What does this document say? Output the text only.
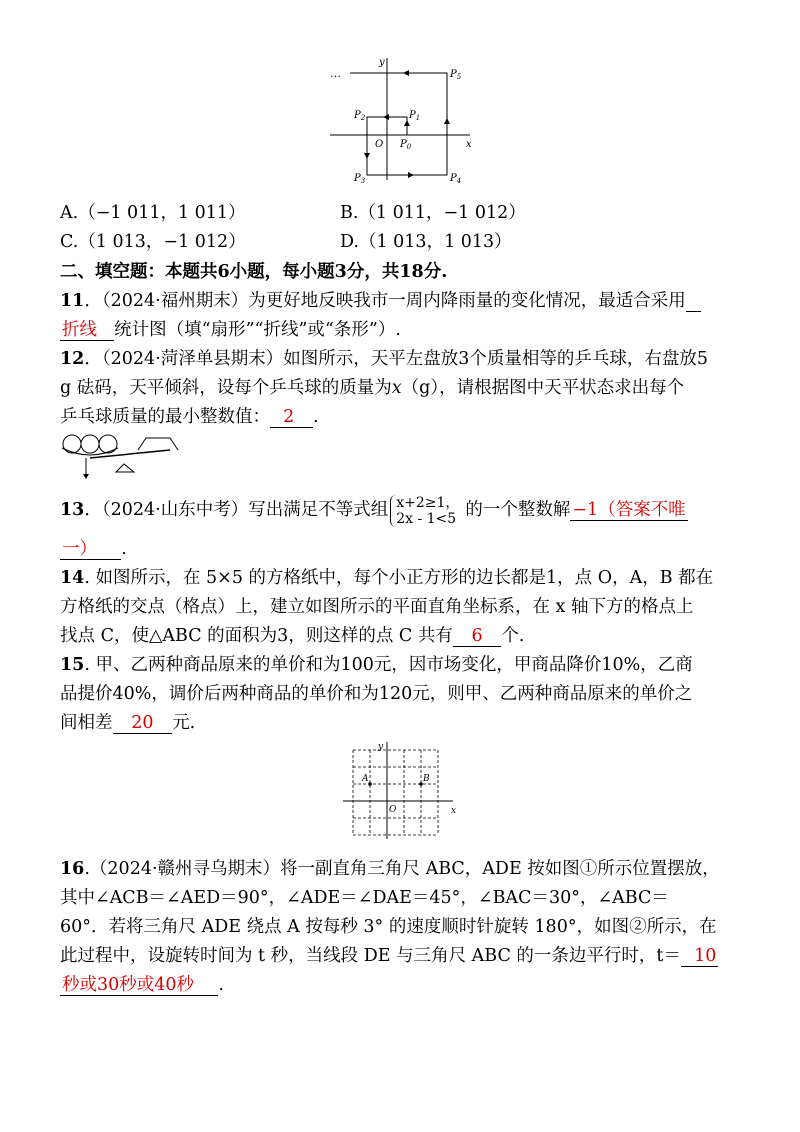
…
y
x
O $P_0$
$P_1$
$P_2$
$P_3$	$P_4$
$P_5$
A.（−1 011，1 011）	B.（1 011，−1 012）
C.（1 013，−1 012）	D.（1 013，1 013）
二、填空题：本题共6小题，每小题3分，共18分.
11．（2024·福州期末）为更好地反映我市一周内降雨量的变化情况，最适合采用
折线 统计图（填“扇形”“折线”或“条形”）.
12．（2024·菏泽单县期末）如图所示，天平左盘放3个质量相等的乒乓球，右盘放5
g 砝码，天平倾斜，设每个乒乓球的质量为x（g），请根据图中天平状态求出每个
乒乓球质量的最小整数值： 2 .
13．（2024·山东中考）写出满足不等式组 x+2≥1，
2x - 1<5 的一个整数解 −1（答案不唯
一） .
14. 如图所示，在 5×5 的方格纸中，每个小正方形的边长都是1，点 O，A，B 都在
方格纸的交点（格点）上，建立如图所示的平面直角坐标系，在 x 轴下方的格点上
找点 C，使△ABC 的面积为3，则这样的点 C 共有 6 个.
15. 甲、乙两种商品原来的单价和为100元，因市场变化，甲商品降价10%，乙商
品提价40%，调价后两种商品的单价和为120元，则甲、乙两种商品原来的单价之
间相差 20 元.
y
x
A	B
O
16.（2024·赣州寻乌期末）将一副直角三角尺 ABC，ADE 按如图①所示位置摆放，
其中∠ACB＝∠AED＝90°，∠ADE＝∠DAE＝45°，∠BAC＝30°，∠ABC＝
60°．若将三角尺 ADE 绕点 A 按每秒 3° 的速度顺时针旋转 180°，如图②所示，在
此过程中，设旋转时间为 t 秒，当线段 DE 与三角尺 ABC 的一条边平行时，t＝ 10
秒或30秒或40秒 .
